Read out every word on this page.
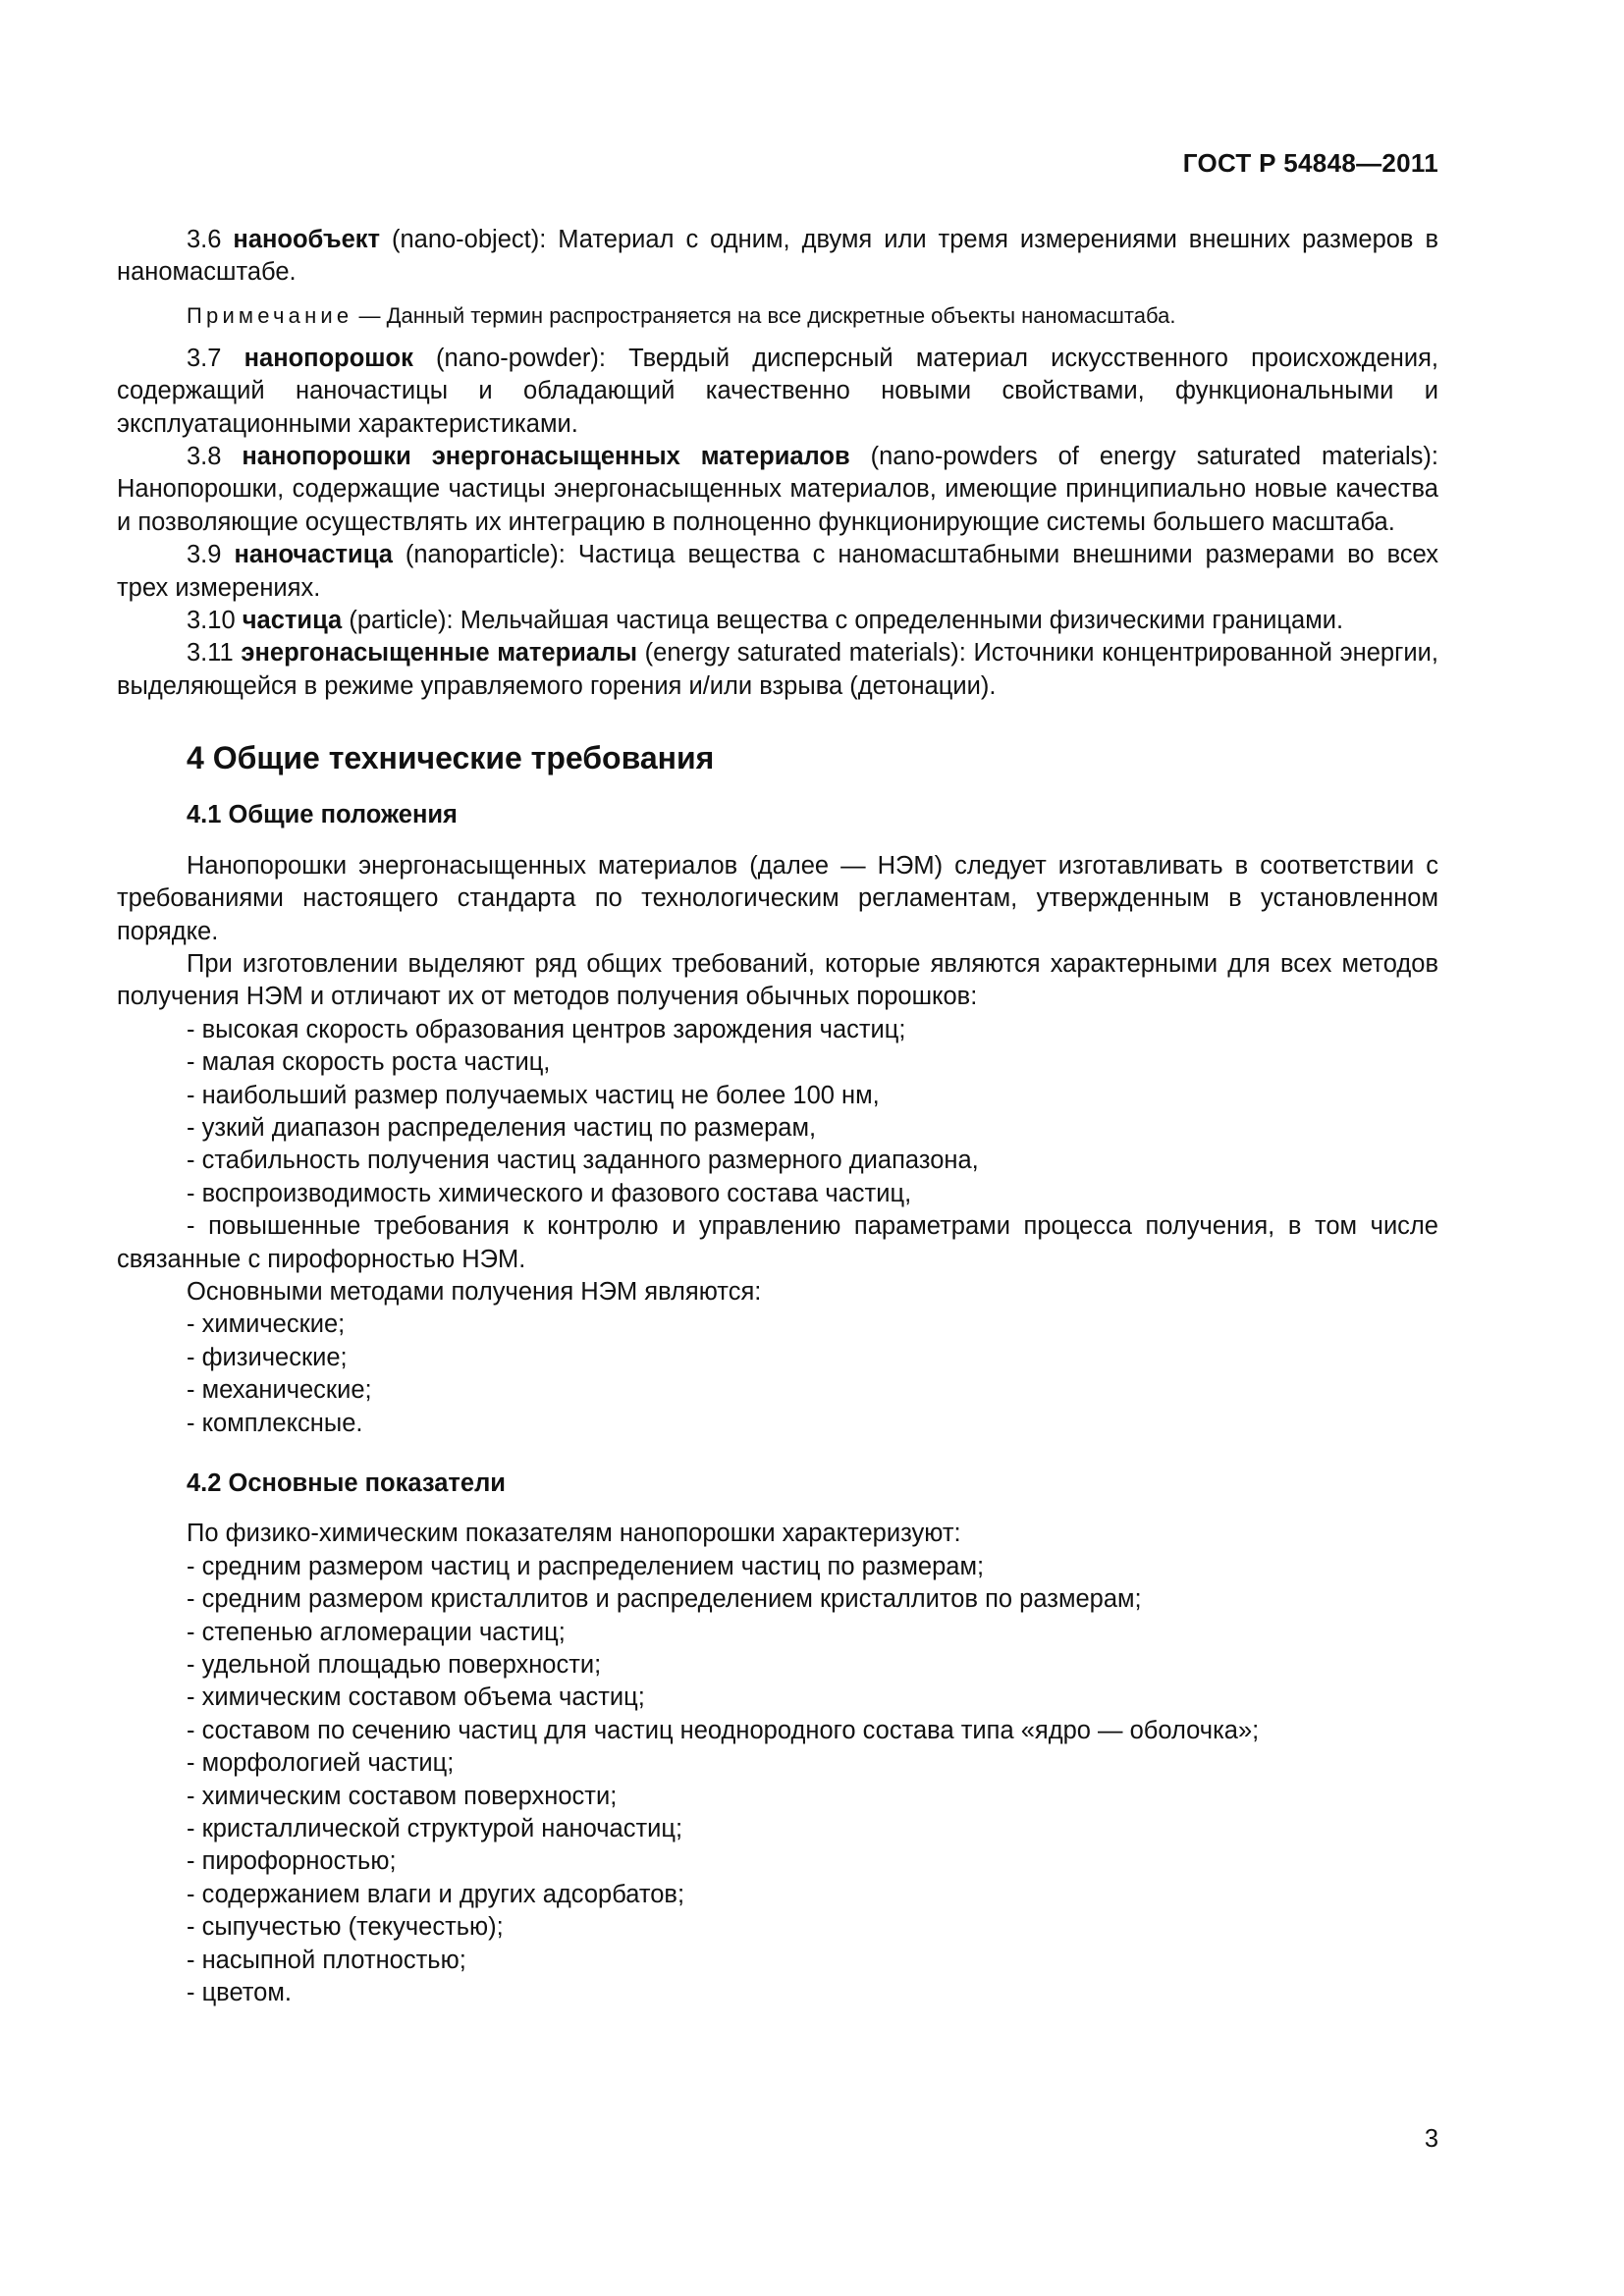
ГОСТ Р 54848—2011

3.6 нанообъект (nano-object): Материал с одним, двумя или тремя измерениями внешних размеров в наномасштабе.

Примечание — Данный термин распространяется на все дискретные объекты наномасштаба.

3.7 нанопорошок (nano-powder): Твердый дисперсный материал искусственного происхождения, содержащий наночастицы и обладающий качественно новыми свойствами, функциональными и эксплуатационными характеристиками.

3.8 нанопорошки энергонасыщенных материалов (nano-powders of energy saturated materials): Нанопорошки, содержащие частицы энергонасыщенных материалов, имеющие принципиально новые качества и позволяющие осуществлять их интеграцию в полноценно функционирующие системы большего масштаба.

3.9 наночастица (nanoparticle): Частица вещества с наномасштабными внешними размерами во всех трех измерениях.

3.10 частица (particle): Мельчайшая частица вещества с определенными физическими границами.

3.11 энергонасыщенные материалы (energy saturated materials): Источники концентрированной энергии, выделяющейся в режиме управляемого горения и/или взрыва (детонации).

4 Общие технические требования
4.1 Общие положения

Нанопорошки энергонасыщенных материалов (далее — НЭМ) следует изготавливать в соответствии с требованиями настоящего стандарта по технологическим регламентам, утвержденным в установленном порядке.

При изготовлении выделяют ряд общих требований, которые являются характерными для всех методов получения НЭМ и отличают их от методов получения обычных порошков:

- высокая скорость образования центров зарождения частиц;

- малая скорость роста частиц,

- наибольший размер получаемых частиц не более 100 нм,

- узкий диапазон распределения частиц по размерам,

- стабильность получения частиц заданного размерного диапазона,

- воспроизводимость химического и фазового состава частиц,

- повышенные требования к контролю и управлению параметрами процесса получения, в том числе связанные с пирофорностью НЭМ.

Основными методами получения НЭМ являются:

- химические;

- физические;

- механические;

- комплексные.

4.2 Основные показатели

По физико-химическим показателям нанопорошки характеризуют:

- средним размером частиц и распределением частиц по размерам;

- средним размером кристаллитов и распределением кристаллитов по размерам;

- степенью агломерации частиц;

- удельной площадью поверхности;

- химическим составом объема частиц;

- составом по сечению частиц для частиц неоднородного состава типа «ядро — оболочка»;

- морфологией частиц;

- химическим составом поверхности;

- кристаллической структурой наночастиц;

- пирофорностью;

- содержанием влаги и других адсорбатов;

- сыпучестью (текучестью);

- насыпной плотностью;

- цветом.

3
